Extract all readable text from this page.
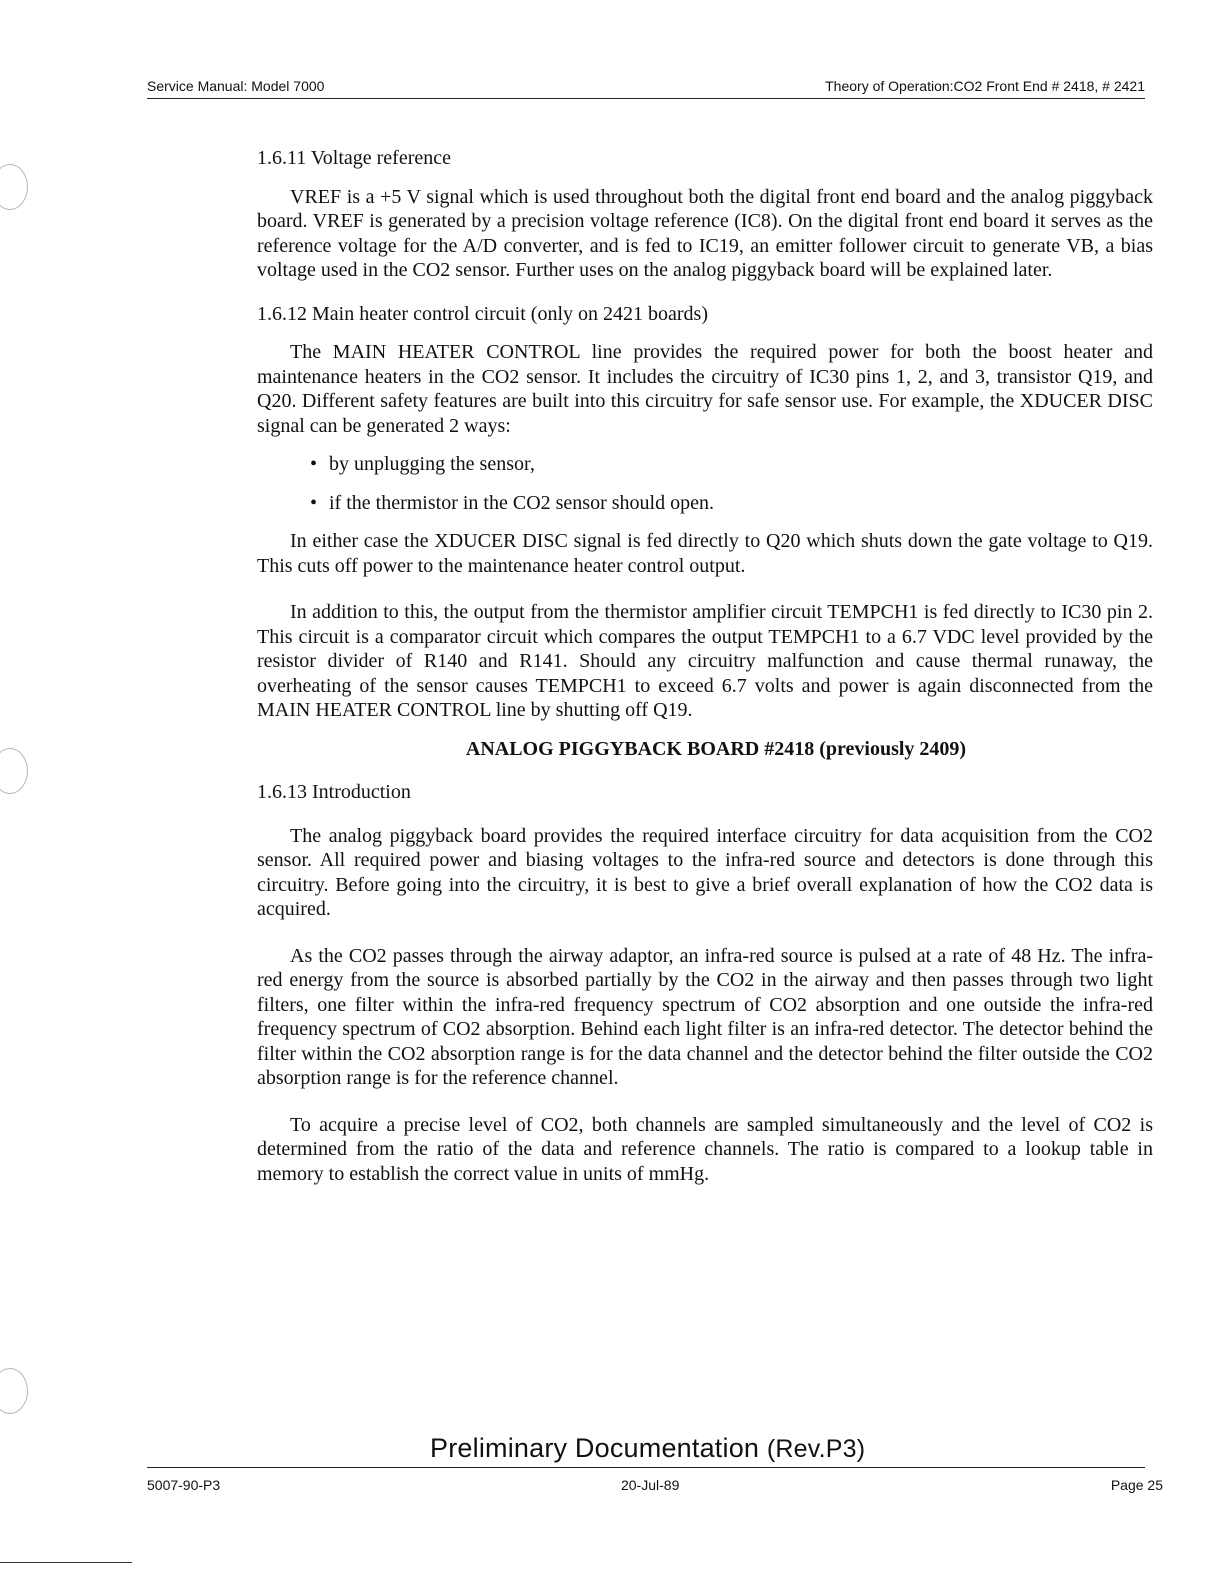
Service Manual: Model 7000	Theory of Operation:CO2 Front End # 2418, # 2421
1.6.11 Voltage reference

VREF is a +5 V signal which is used throughout both the digital front end board and the analog piggyback board. VREF is generated by a precision voltage reference (IC8). On the digital front end board it serves as the reference voltage for the A/D converter, and is fed to IC19, an emitter follower circuit to generate VB, a bias voltage used in the CO2 sensor. Further uses on the analog piggyback board will be explained later.

1.6.12 Main heater control circuit (only on 2421 boards)

The MAIN HEATER CONTROL line provides the required power for both the boost heater and maintenance heaters in the CO2 sensor. It includes the circuitry of IC30 pins 1, 2, and 3, transistor Q19, and Q20. Different safety features are built into this circuitry for safe sensor use. For example, the XDUCER DISC signal can be generated 2 ways:

• by unplugging the sensor,
• if the thermistor in the CO2 sensor should open.

In either case the XDUCER DISC signal is fed directly to Q20 which shuts down the gate voltage to Q19. This cuts off power to the maintenance heater control output.

In addition to this, the output from the thermistor amplifier circuit TEMPCH1 is fed directly to IC30 pin 2. This circuit is a comparator circuit which compares the output TEMPCH1 to a 6.7 VDC level provided by the resistor divider of R140 and R141. Should any circuitry malfunction and cause thermal runaway, the overheating of the sensor causes TEMPCH1 to exceed 6.7 volts and power is again disconnected from the MAIN HEATER CONTROL line by shutting off Q19.

ANALOG PIGGYBACK BOARD #2418 (previously 2409)
1.6.13 Introduction

The analog piggyback board provides the required interface circuitry for data acquisition from the CO2 sensor. All required power and biasing voltages to the infra-red source and detectors is done through this circuitry. Before going into the circuitry, it is best to give a brief overall explanation of how the CO2 data is acquired.

As the CO2 passes through the airway adaptor, an infra-red source is pulsed at a rate of 48 Hz. The infra-red energy from the source is absorbed partially by the CO2 in the airway and then passes through two light filters, one filter within the infra-red frequency spectrum of CO2 absorption and one outside the infra-red frequency spectrum of CO2 absorption. Behind each light filter is an infra-red detector. The detector behind the filter within the CO2 absorption range is for the data channel and the detector behind the filter outside the CO2 absorption range is for the reference channel.

To acquire a precise level of CO2, both channels are sampled simultaneously and the level of CO2 is determined from the ratio of the data and reference channels. The ratio is compared to a lookup table in memory to establish the correct value in units of mmHg.

Preliminary Documentation (Rev.P3)
5007-90-P3	20-Jul-89	Page 25
